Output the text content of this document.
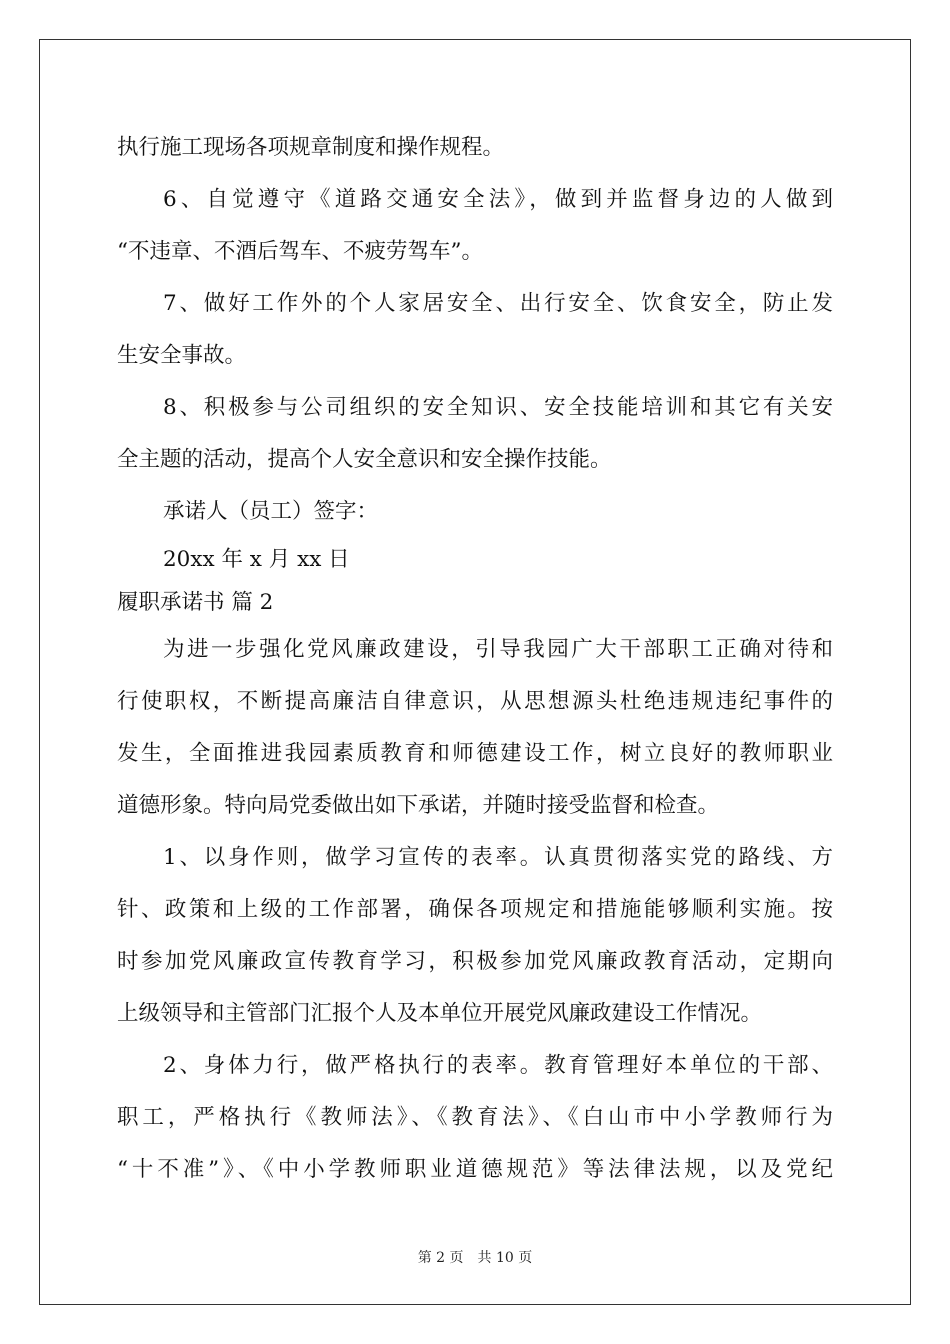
执行施工现场各项规章制度和操作规程。
6、自觉遵守《道路交通安全法》，做到并监督身边的人做到
“不违章、不酒后驾车、不疲劳驾车”。
7、做好工作外的个人家居安全、出行安全、饮食安全，防止发
生安全事故。
8、积极参与公司组织的安全知识、安全技能培训和其它有关安
全主题的活动，提高个人安全意识和安全操作技能。
承诺人（员工）签字：
20xx 年 x 月 xx 日
履职承诺书 篇 2
为进一步强化党风廉政建设，引导我园广大干部职工正确对待和
行使职权，不断提高廉洁自律意识，从思想源头杜绝违规违纪事件的
发生，全面推进我园素质教育和师德建设工作，树立良好的教师职业
道德形象。特向局党委做出如下承诺，并随时接受监督和检查。
1、以身作则，做学习宣传的表率。认真贯彻落实党的路线、方
针、政策和上级的工作部署，确保各项规定和措施能够顺利实施。按
时参加党风廉政宣传教育学习，积极参加党风廉政教育活动，定期向
上级领导和主管部门汇报个人及本单位开展党风廉政建设工作情况。
2、身体力行，做严格执行的表率。教育管理好本单位的干部、
职工，严格执行《教师法》、《教育法》、《白山市中小学教师行为
“十不准”》、《中小学教师职业道德规范》等法律法规，以及党纪
第 2 页 共 10 页
